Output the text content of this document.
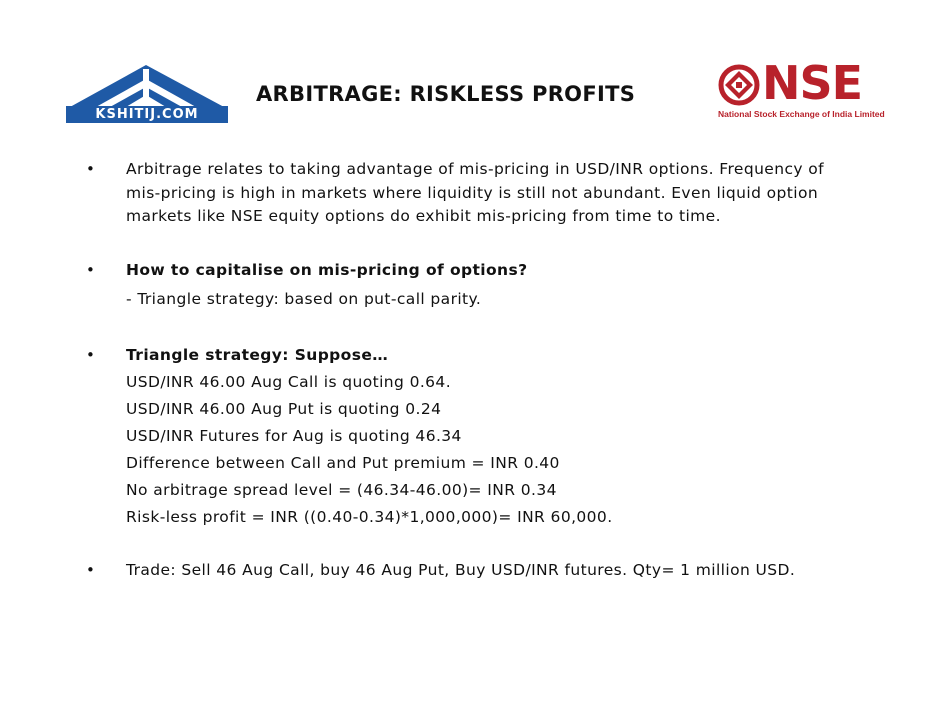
KSHITIJ.COM
ARBITRAGE: RISKLESS PROFITS	NSE
National Stock Exchange of India Limited
• Arbitrage relates to taking advantage of mis-pricing in USD/INR options. Frequency of mis-pricing is high in markets where liquidity is still not abundant. Even liquid option markets like NSE equity options do exhibit mis-pricing from time to time.

• How to capitalise on mis-pricing of options?

- Triangle strategy: based on put-call parity.

• Triangle strategy: Suppose…

USD/INR 46.00 Aug Call is quoting 0.64.

USD/INR 46.00 Aug Put is quoting 0.24

USD/INR Futures for Aug is quoting 46.34

Difference between Call and Put premium = INR 0.40

No arbitrage spread level = (46.34-46.00)= INR 0.34

Risk-less profit = INR ((0.40-0.34)*1,000,000)= INR 60,000.

• Trade: Sell 46 Aug Call, buy 46 Aug Put, Buy USD/INR futures. Qty= 1 million USD.
